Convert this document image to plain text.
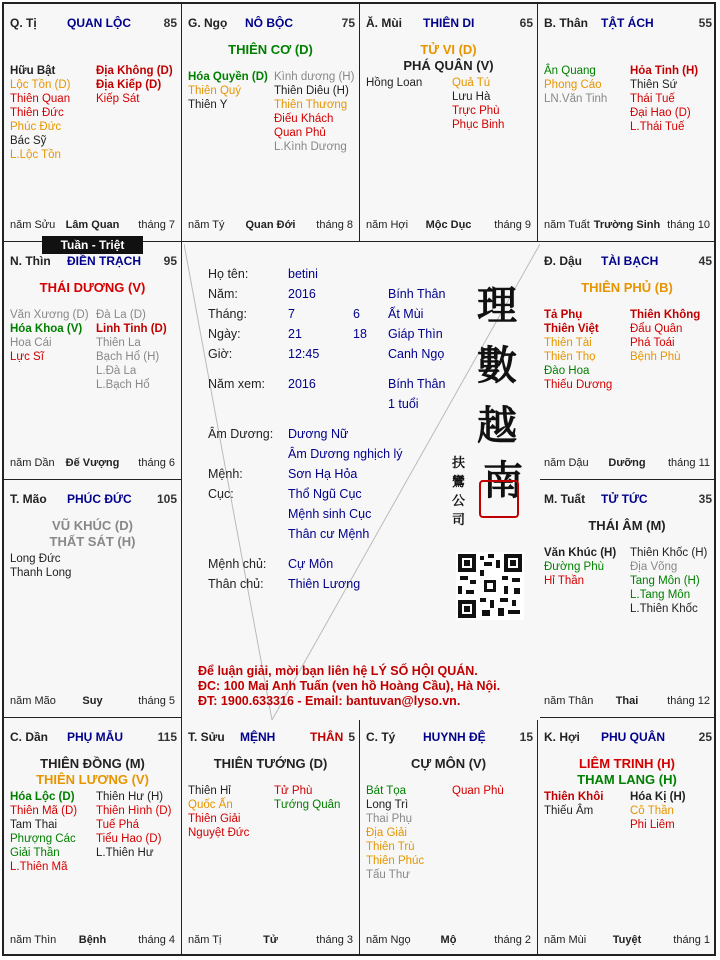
Q. Tị	QUAN LỘC	85
Hữu Bật
Lộc Tồn (D)
Thiên Quan
Thiên Đức
Phúc Đức
Bác Sỹ
L.Lộc Tồn
Địa Không (D)
Địa Kiếp (D)
Kiếp Sát
năm Sửu Lâm Quan	tháng 7
G. Ngọ NÔ BỘC	75
THIÊN CƠ (D)
Hóa Quyền (D)
Thiên Quý
Thiên Y
Kình dương (H)
Thiên Diêu (H)
Thiên Thương
Điếu Khách
Quan Phủ
L.Kình Dương
năm Tý	Quan Đới	tháng 8
Ă. Mùi THIÊN DI	65
TỬ VI (D)
PHÁ QUÂN (V)
Hồng Loan	Quả Tú
Lưu Hà
Trực Phù
Phục Binh
năm Hợi	Mộc Dục	tháng 9
B. Thân TẬT ÁCH	55
Ân Quang
Phong Cáo
LN.Văn Tinh
Hỏa Tinh (H)
Thiên Sứ
Thái Tuế
Đại Hao (D)
L.Thái Tuế
năm Tuất Trường Sinh tháng 10
N. Thìn ĐIỀN TRẠCH 95
THÁI DƯƠNG (V)
Văn Xương (D)
Hóa Khoa (V)
Hoa Cái
Lực Sĩ
Đà La (D)
Linh Tinh (D)
Thiên La
Bạch Hổ (H)
L.Đà La
L.Bạch Hổ
năm Dần	Đế Vượng	tháng 6
Đ. Dậu TÀI BẠCH	45
THIÊN PHỦ (B)
Tả Phụ
Thiên Việt
Thiên Tài
Thiên Thọ
Đào Hoa
Thiếu Dương
Thiên Không
Đẩu Quân
Phá Toái
Bệnh Phù
năm Dậu	Dưỡng	tháng 11
T. Mão PHÚC ĐỨC 105
VŨ KHÚC (D)
THẤT SÁT (H)
Long Đức
Thanh Long
năm Mão	Suy	tháng 5
M. Tuất TỬ TỨC	35
THÁI ÂM (M)
Văn Khúc (H)
Đường Phù
Hỉ Thần
Thiên Khốc (H)
Địa Võng
Tang Môn (H)
L.Tang Môn
L.Thiên Khốc
năm Thân	Thai	tháng 12
C. Dần PHỤ MẪU	115
THIÊN ĐỒNG (M)
THIÊN LƯƠNG (V)
Hóa Lộc (D)
Thiên Mã (D)
Tam Thai
Phượng Các
Giải Thần
L.Thiên Mã
Thiên Hư (H)
Thiên Hình (D)
Tuế Phá
Tiểu Hao (D)
L.Thiên Hư
năm Thìn	Bệnh	tháng 4
T. Sửu MỆNH	THÂN 5
THIÊN TƯỚNG (D)
Thiên Hỉ
Quốc Ấn
Thiên Giải
Nguyệt Đức
Tử Phù
Tướng Quân
năm Tị	Tử	tháng 3
C. Tý HUYNH ĐỆ	15
CỰ MÔN (V)
Bát Tọa
Long Trì
Thai Phụ
Địa Giải
Thiên Trù
Thiên Phúc
Tấu Thư
Quan Phù
năm Ngọ	Mộ	tháng 2
K. Hợi PHU QUÂN	25
LIÊM TRINH (H)
THAM LANG (H)
Thiên Khôi
Thiếu Âm
Hóa Kị (H)
Cô Thần
Phi Liêm
năm Mùi	Tuyệt	tháng 1
Họ tên:	betini
Năm:	2016	Bính Thân
Tháng:	7	6 Ất Mùi
Ngày:	21	18 Giáp Thìn
Giờ:	12:45	Canh Ngọ
Năm xem: 2016	Bính Thân
1 tuổi
Âm Dương: Dương Nữ
Âm Dương nghịch lý
Mệnh:	Sơn Hạ Hỏa
Cục:	Thổ Ngũ Cục
Mệnh sinh Cục
Thân cư Mệnh
Mệnh chủ: Cự Môn
Thân chủ: Thiên Lương
理
數
越
南
扶
鸞
公
司
Để luận giải, mời bạn liên hệ LÝ SỐ HỘI QUÁN.
ĐC: 100 Mai Anh Tuấn (ven hồ Hoàng Cầu), Hà Nội.
ĐT: 1900.633316 - Email: bantuvan@lyso.vn.
Tuần - Triệt
